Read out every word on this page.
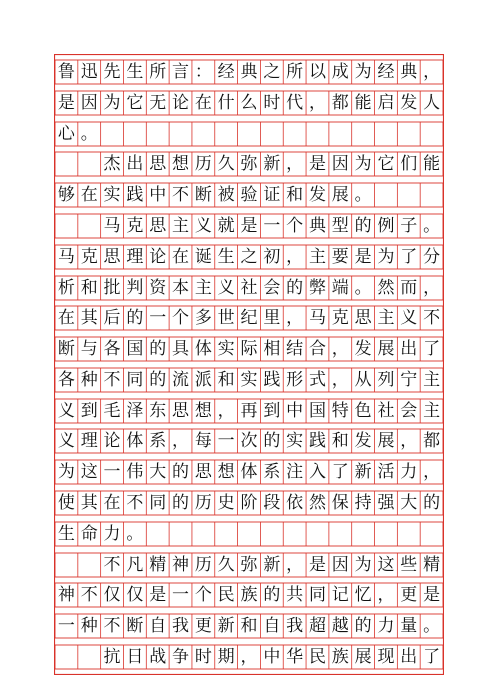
鲁 迅 先 生 所 言 ： 经 典 之 所 以 成 为 经 典 ，
是 因 为 它 无 论 在 什 么 时 代 ， 都 能 启 发 人
心 。
杰 出 思 想 历 久 弥 新 ， 是 因 为 它 们 能
够 在 实 践 中 不 断 被 验 证 和 发 展 。
马 克 思 主 义 就 是 一 个 典 型 的 例 子 。
马 克 思 理 论 在 诞 生 之 初 ， 主 要 是 为 了 分
析 和 批 判 资 本 主 义 社 会 的 弊 端 。 然 而 ，
在 其 后 的 一 个 多 世 纪 里 ， 马 克 思 主 义 不
断 与 各 国 的 具 体 实 际 相 结 合 ， 发 展 出 了
各 种 不 同 的 流 派 和 实 践 形 式 ， 从 列 宁 主
义 到 毛 泽 东 思 想 ， 再 到 中 国 特 色 社 会 主
义 理 论 体 系 ， 每 一 次 的 实 践 和 发 展 ， 都
为 这 一 伟 大 的 思 想 体 系 注 入 了 新 活 力 ，
使 其 在 不 同 的 历 史 阶 段 依 然 保 持 强 大 的
生 命 力 。
不 凡 精 神 历 久 弥 新 ， 是 因 为 这 些 精
神 不 仅 仅 是 一 个 民 族 的 共 同 记 忆 ， 更 是
一 种 不 断 自 我 更 新 和 自 我 超 越 的 力 量 。
抗 日 战 争 时 期 ， 中 华 民 族 展 现 出 了
